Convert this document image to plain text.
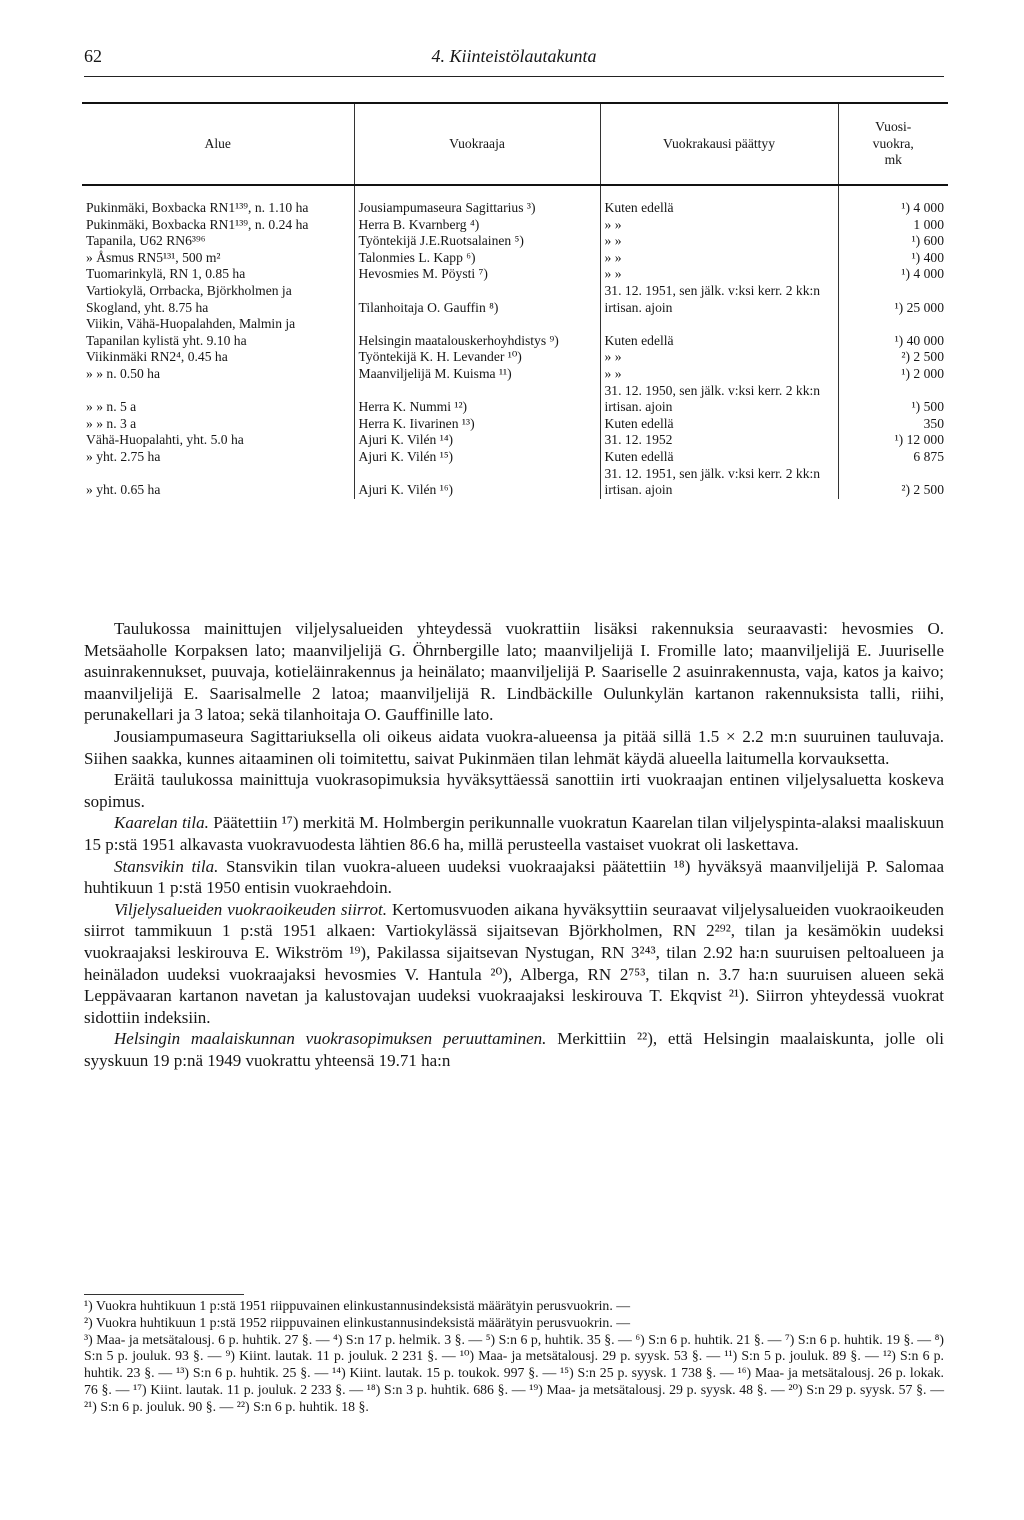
62	4. Kiinteistölautakunta
Alue	Vuokraaja	Vuokrakausi päättyy	Vuosi-
vuokra,
mk

Pukinmäki, Boxbacka RN1¹³⁹, n. 1.10 ha	Jousiampumaseura Sagittarius ³)	Kuten edellä	¹) 4 000
Pukinmäki, Boxbacka RN1¹³⁹, n. 0.24 ha	Herra B. Kvarnberg ⁴)	» »	1 000
Tapanila, U62 RN6³⁹⁶	Työntekijä J.E.Ruotsalainen ⁵)	» »	¹) 600
» Åsmus RN5¹³¹, 500 m²	Talonmies L. Kapp ⁶)	» »	¹) 400
Tuomarinkylä, RN 1, 0.85 ha	Hevosmies M. Pöysti ⁷)	» »	¹) 4 000
Vartiokylä, Orrbacka, Björkholmen ja Skogland, yht. 8.75 ha	Tilanhoitaja O. Gauffin ⁸)	31. 12. 1951, sen jälk. v:ksi kerr. 2 kk:n irtisan. ajoin	¹) 25 000
Viikin, Vähä-Huopalahden, Malmin ja Tapanilan kylistä yht. 9.10 ha	Helsingin maatalouskerhoyhdistys ⁹)	Kuten edellä	¹) 40 000
Viikinmäki RN2⁴, 0.45 ha	Työntekijä K. H. Levander ¹⁰)	» »	²) 2 500
» » n. 0.50 ha	Maanviljelijä M. Kuisma ¹¹)	» »	¹) 2 000
» » n. 5 a	Herra K. Nummi ¹²)	31. 12. 1950, sen jälk. v:ksi kerr. 2 kk:n irtisan. ajoin	¹) 500
» » n. 3 a	Herra K. Iivarinen ¹³)	Kuten edellä	350
Vähä-Huopalahti, yht. 5.0 ha	Ajuri K. Vilén ¹⁴)	31. 12. 1952	¹) 12 000
» yht. 2.75 ha	Ajuri K. Vilén ¹⁵)	Kuten edellä	6 875
» yht. 0.65 ha	Ajuri K. Vilén ¹⁶)	31. 12. 1951, sen jälk. v:ksi kerr. 2 kk:n irtisan. ajoin	²) 2 500

Taulukossa mainittujen viljelysalueiden yhteydessä vuokrattiin lisäksi rakennuksia seuraavasti: hevosmies O. Metsäaholle Korpaksen lato; maanviljelijä G. Öhrnbergille lato; maanviljelijä I. Fromille lato; maanviljelijä E. Juuriselle asuinrakennukset, puuvaja, kotieläinrakennus ja heinälato; maanviljelijä P. Saariselle 2 asuinrakennusta, vaja, katos ja kaivo; maanviljelijä E. Saarisalmelle 2 latoa; maanviljelijä R. Lindbäckille Oulunkylän kartanon rakennuksista talli, riihi, perunakellari ja 3 latoa; sekä tilanhoitaja O. Gauffinille lato.

Jousiampumaseura Sagittariuksella oli oikeus aidata vuokra-alueensa ja pitää sillä 1.5 × 2.2 m:n suuruinen tauluvaja. Siihen saakka, kunnes aitaaminen oli toimitettu, saivat Pukinmäen tilan lehmät käydä alueella laitumella korvauksetta.

Eräitä taulukossa mainittuja vuokrasopimuksia hyväksyttäessä sanottiin irti vuokraajan entinen viljelysaluetta koskeva sopimus.

Kaarelan tila. Päätettiin ¹⁷) merkitä M. Holmbergin perikunnalle vuokratun Kaarelan tilan viljelyspinta-alaksi maaliskuun 15 p:stä 1951 alkavasta vuokravuodesta lähtien 86.6 ha, millä perusteella vastaiset vuokrat oli laskettava.

Stansvikin tila. Stansvikin tilan vuokra-alueen uudeksi vuokraajaksi päätettiin ¹⁸) hyväksyä maanviljelijä P. Salomaa huhtikuun 1 p:stä 1950 entisin vuokraehdoin.

Viljelysalueiden vuokraoikeuden siirrot. Kertomusvuoden aikana hyväksyttiin seuraavat viljelysalueiden vuokraoikeuden siirrot tammikuun 1 p:stä 1951 alkaen: Vartiokylässä sijaitsevan Björkholmen, RN 2²⁹², tilan ja kesämökin uudeksi vuokraajaksi leskirouva E. Wikström ¹⁹), Pakilassa sijaitsevan Nystugan, RN 3²⁴³, tilan 2.92 ha:n suuruisen peltoalueen ja heinäladon uudeksi vuokraajaksi hevosmies V. Hantula ²⁰), Alberga, RN 2⁷⁵³, tilan n. 3.7 ha:n suuruisen alueen sekä Leppävaaran kartanon navetan ja kalustovajan uudeksi vuokraajaksi leskirouva T. Ekqvist ²¹). Siirron yhteydessä vuokrat sidottiin indeksiin.

Helsingin maalaiskunnan vuokrasopimuksen peruuttaminen. Merkittiin ²²), että Helsingin maalaiskunta, jolle oli syyskuun 19 p:nä 1949 vuokrattu yhteensä 19.71 ha:n

¹) Vuokra huhtikuun 1 p:stä 1951 riippuvainen elinkustannusindeksistä määrätyin perusvuokrin. —

²) Vuokra huhtikuun 1 p:stä 1952 riippuvainen elinkustannusindeksistä määrätyin perusvuokrin. —

³) Maa- ja metsätalousj. 6 p. huhtik. 27 §. — ⁴) S:n 17 p. helmik. 3 §. — ⁵) S:n 6 p, huhtik. 35 §. — ⁶) S:n 6 p. huhtik. 21 §. — ⁷) S:n 6 p. huhtik. 19 §. — ⁸) S:n 5 p. jouluk. 93 §. — ⁹) Kiint. lautak. 11 p. jouluk. 2 231 §. — ¹⁰) Maa- ja metsätalousj. 29 p. syysk. 53 §. — ¹¹) S:n 5 p. jouluk. 89 §. — ¹²) S:n 6 p. huhtik. 23 §. — ¹³) S:n 6 p. huhtik. 25 §. — ¹⁴) Kiint. lautak. 15 p. toukok. 997 §. — ¹⁵) S:n 25 p. syysk. 1 738 §. — ¹⁶) Maa- ja metsätalousj. 26 p. lokak. 76 §. — ¹⁷) Kiint. lautak. 11 p. jouluk. 2 233 §. — ¹⁸) S:n 3 p. huhtik. 686 §. — ¹⁹) Maa- ja metsätalousj. 29 p. syysk. 48 §. — ²⁰) S:n 29 p. syysk. 57 §. — ²¹) S:n 6 p. jouluk. 90 §. — ²²) S:n 6 p. huhtik. 18 §.
